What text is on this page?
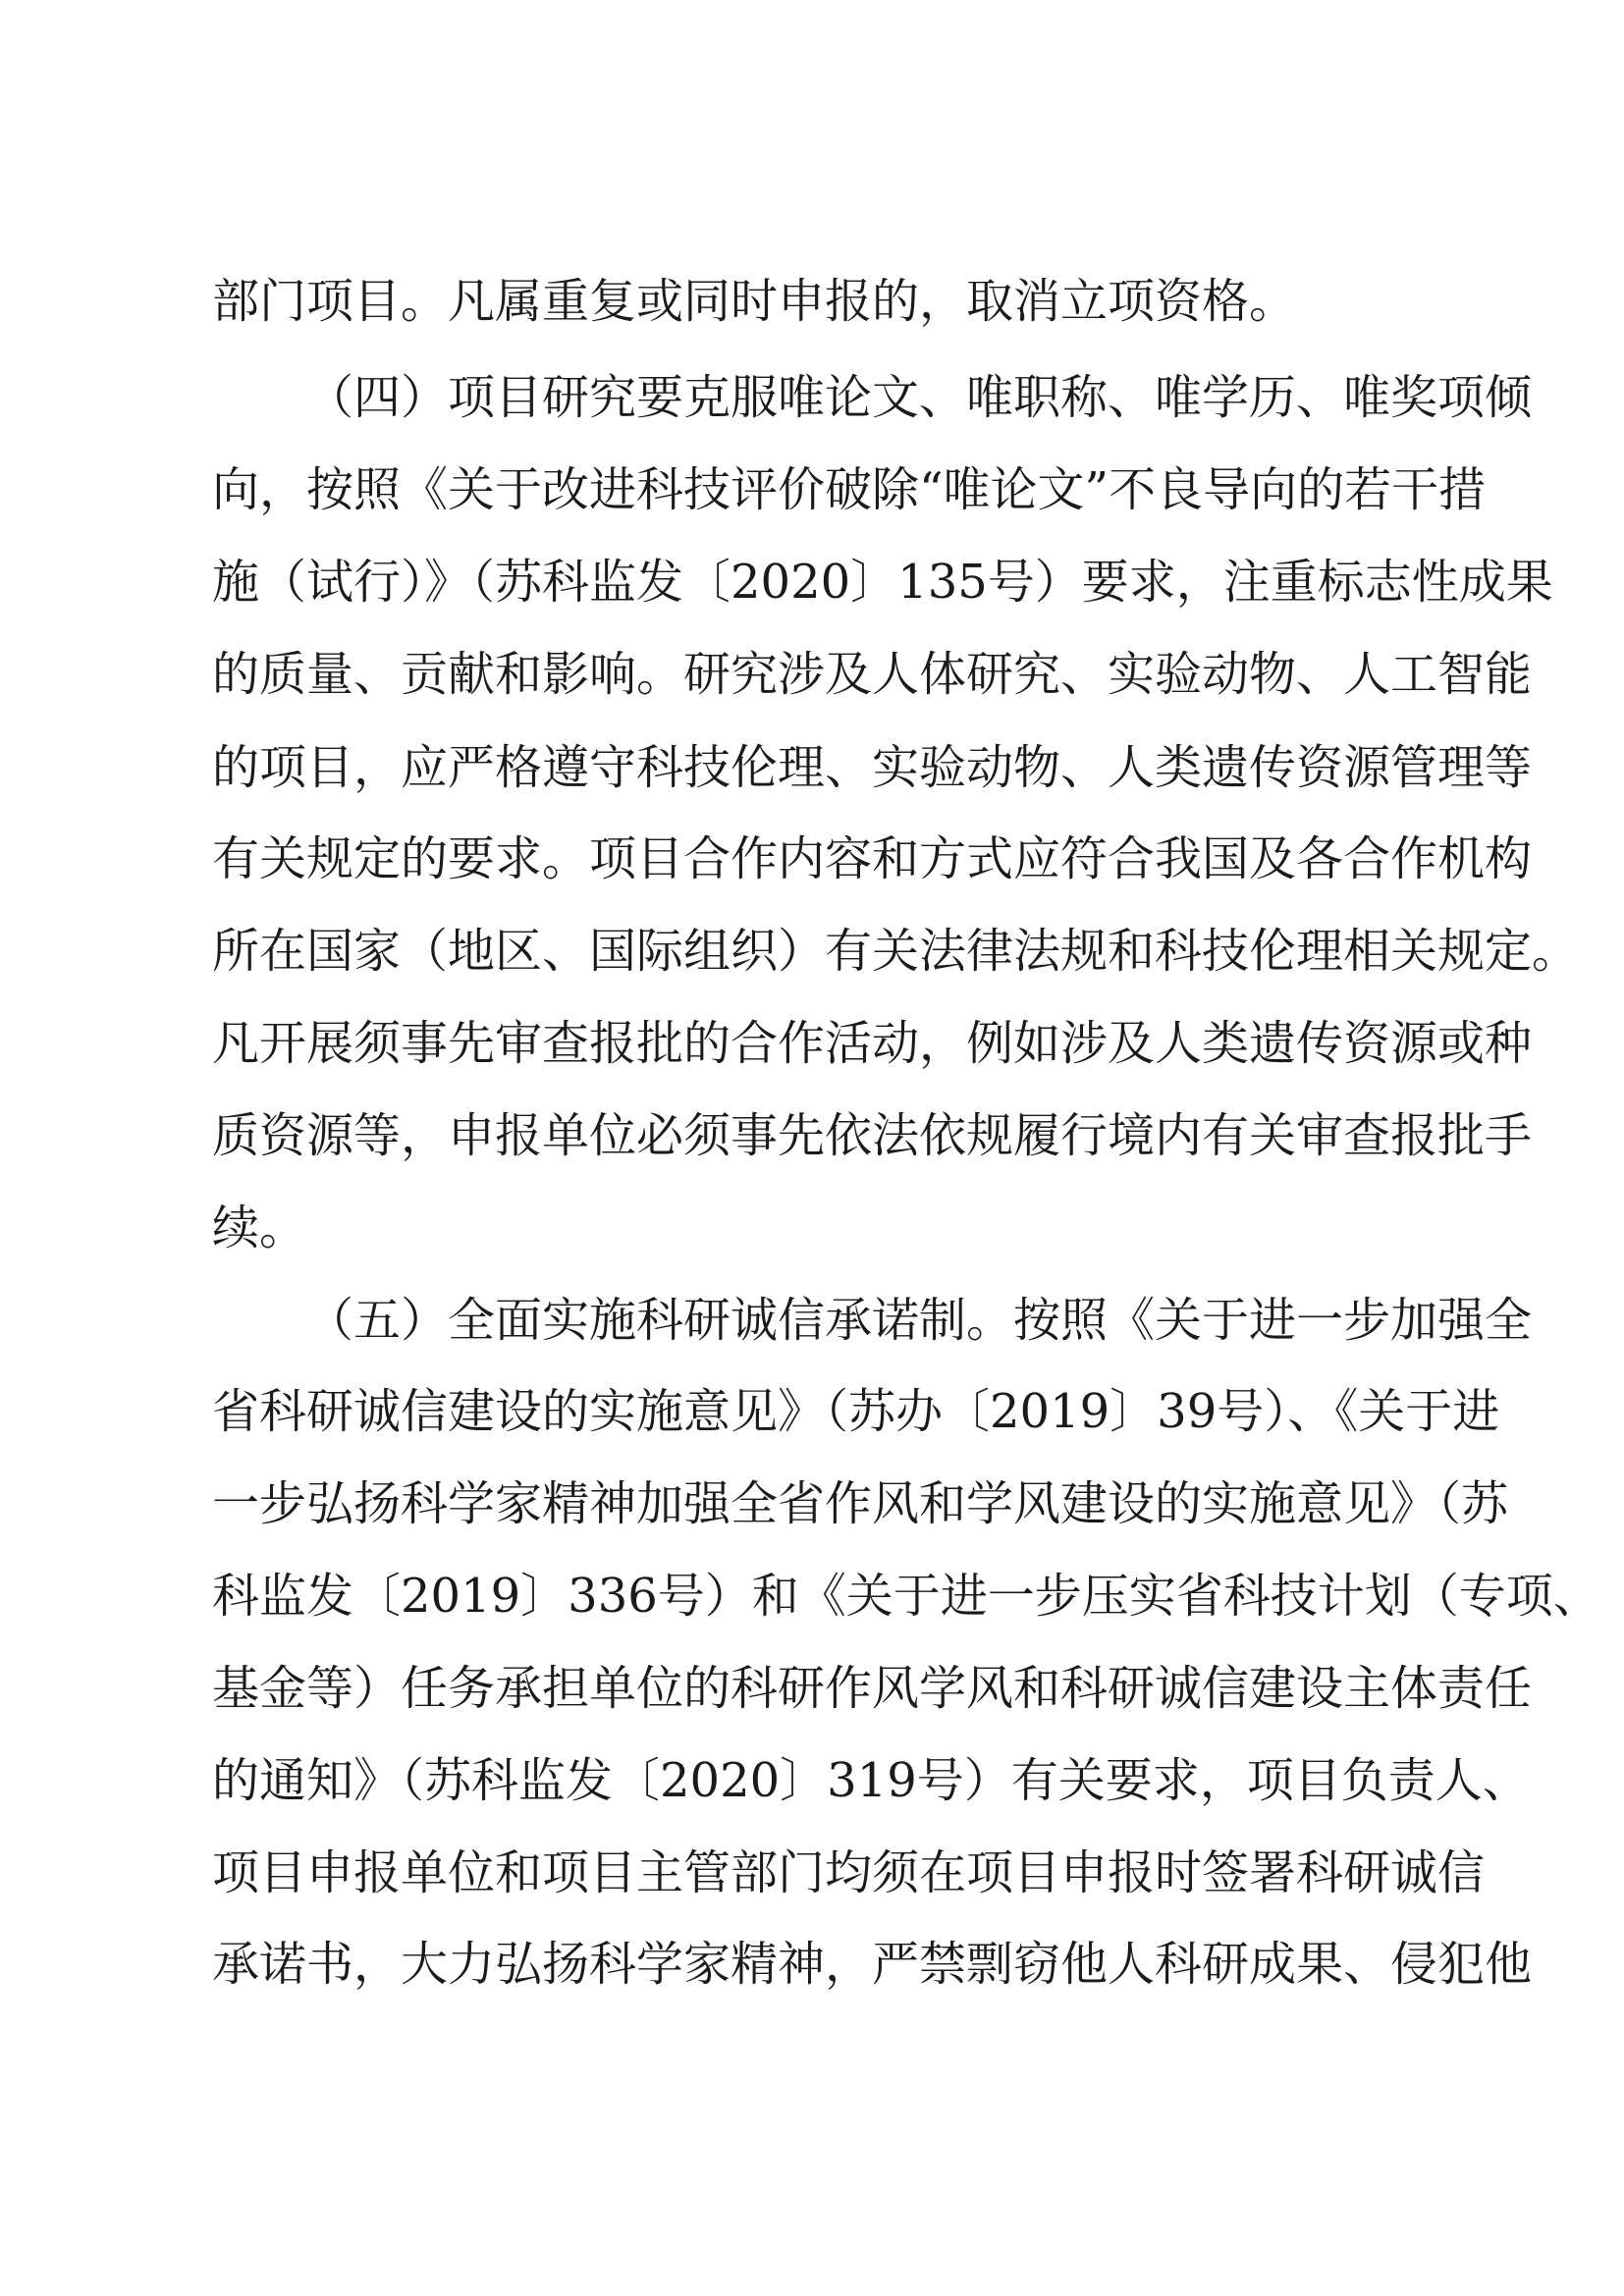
部门项目。凡属重复或同时申报的，取消立项资格。
（四）项目研究要克服唯论文、唯职称、唯学历、唯奖项倾
向，按照《关于改进科技评价破除“唯论文”不良导向的若干措
施（试行）》（苏科监发〔2020〕135号）要求，注重标志性成果
的质量、贡献和影响。研究涉及人体研究、实验动物、人工智能
的项目，应严格遵守科技伦理、实验动物、人类遗传资源管理等
有关规定的要求。项目合作内容和方式应符合我国及各合作机构
所在国家（地区、国际组织）有关法律法规和科技伦理相关规定。
凡开展须事先审查报批的合作活动，例如涉及人类遗传资源或种
质资源等，申报单位必须事先依法依规履行境内有关审查报批手
续。
（五）全面实施科研诚信承诺制。按照《关于进一步加强全
省科研诚信建设的实施意见》（苏办〔2019〕39号）、《关于进
一步弘扬科学家精神加强全省作风和学风建设的实施意见》（苏
科监发〔2019〕336号）和《关于进一步压实省科技计划（专项、
基金等）任务承担单位的科研作风学风和科研诚信建设主体责任
的通知》（苏科监发〔2020〕319号）有关要求，项目负责人、
项目申报单位和项目主管部门均须在项目申报时签署科研诚信
承诺书，大力弘扬科学家精神，严禁剽窃他人科研成果、侵犯他
